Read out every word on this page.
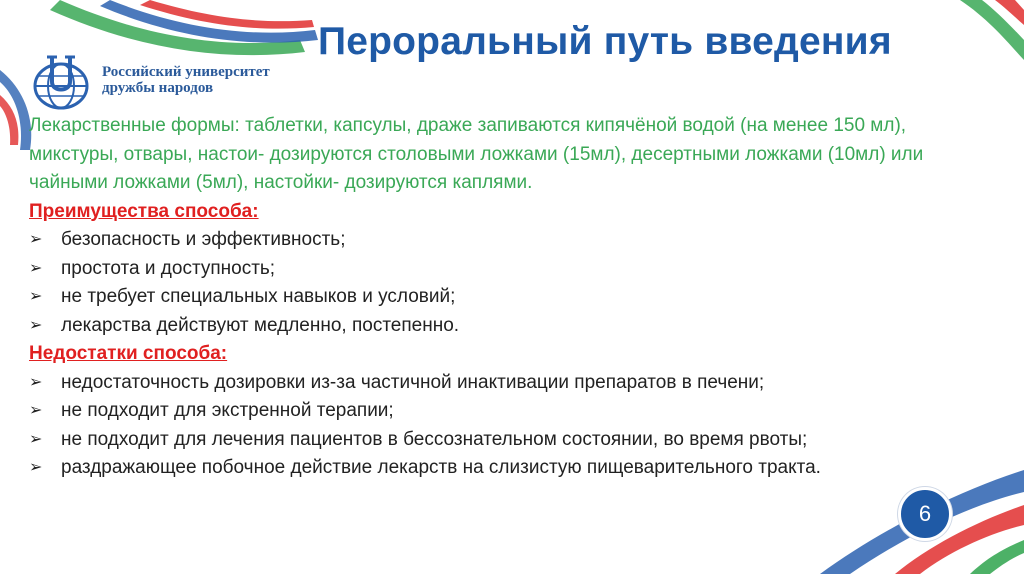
Пероральный путь введения
Российский университет
дружбы народов

Лекарственные формы: таблетки, капсулы, драже запиваются кипячёной водой (на менее 150 мл), микстуры, отвары, настои- дозируются столовыми ложками (15мл), десертными ложками (10мл) или чайными ложками (5мл), настойки- дозируются каплями.

Преимущества способа:
➢ безопасность и эффективность;
➢ простота и доступность;
➢ не требует специальных навыков и условий;
➢ лекарства действуют медленно, постепенно.
Недостатки способа:
➢ недостаточность дозировки из-за частичной инактивации препаратов в печени;
➢ не подходит для экстренной терапии;
➢ не подходит для лечения пациентов в бессознательном состоянии, во время рвоты;
➢ раздражающее побочное действие лекарств на слизистую пищеварительного тракта.
6
